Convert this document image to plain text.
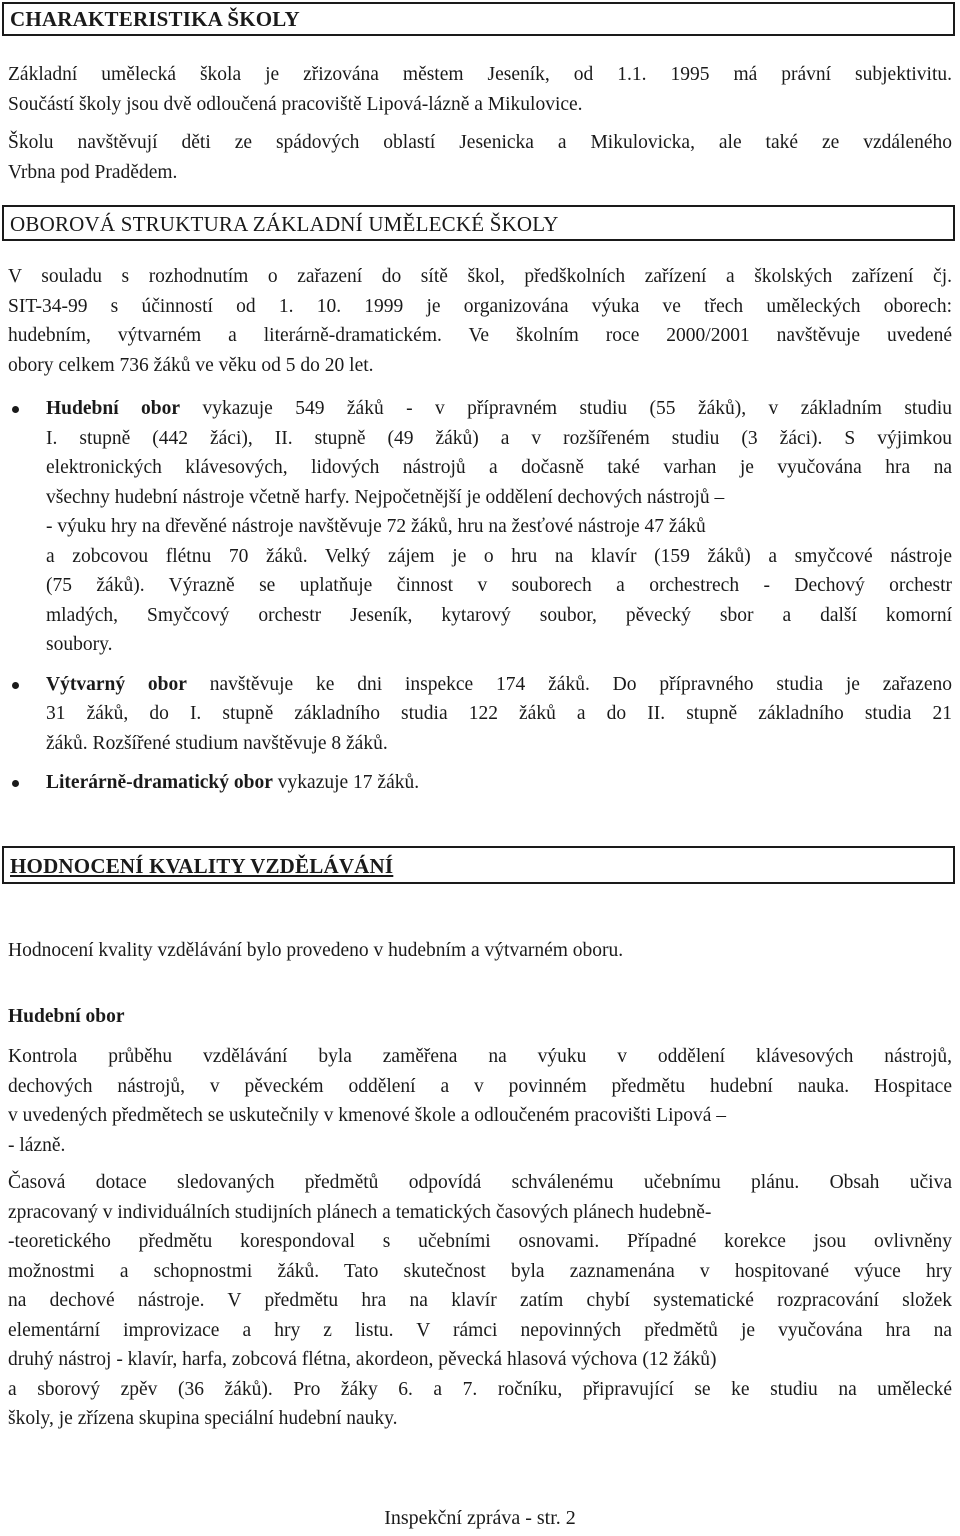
CHARAKTERISTIKA ŠKOLY
Základní umělecká škola je zřizována městem Jeseník, od 1.1. 1995 má právní subjektivitu.
Součástí školy jsou dvě odloučená pracoviště Lipová-lázně a Mikulovice.
Školu navštěvují děti ze spádových oblastí Jesenicka a Mikulovicka, ale také ze vzdáleného
Vrbna pod Pradědem.
OBOROVÁ STRUKTURA ZÁKLADNÍ UMĚLECKÉ ŠKOLY
V souladu s rozhodnutím o zařazení do sítě škol, předškolních zařízení a školských zařízení čj.
SIT-34-99 s účinností od 1. 10. 1999 je organizována výuka ve třech uměleckých oborech:
hudebním, výtvarném a literárně-dramatickém. Ve školním roce 2000/2001 navštěvuje uvedené
obory celkem 736 žáků ve věku od 5 do 20 let.
Hudební obor vykazuje 549 žáků - v přípravném studiu (55 žáků), v základním studiu
I. stupně (442 žáci), II. stupně (49 žáků) a v rozšířeném studiu (3 žáci). S výjimkou
elektronických klávesových, lidových nástrojů a dočasně také varhan je vyučována hra na
všechny hudební nástroje včetně harfy. Nejpočetnější je oddělení dechových nástrojů –
- výuku hry na dřevěné nástroje navštěvuje 72 žáků, hru na žesťové nástroje 47 žáků
a zobcovou flétnu 70 žáků. Velký zájem je o hru na klavír (159 žáků) a smyčcové nástroje
(75 žáků). Výrazně se uplatňuje činnost v souborech a orchestrech - Dechový orchestr
mladých, Smyčcový orchestr Jeseník, kytarový soubor, pěvecký sbor a další komorní
soubory.
Výtvarný obor navštěvuje ke dni inspekce 174 žáků. Do přípravného studia je zařazeno
31 žáků, do I. stupně základního studia 122 žáků a do II. stupně základního studia 21
žáků. Rozšířené studium navštěvuje 8 žáků.
Literárně-dramatický obor vykazuje 17 žáků.
HODNOCENÍ KVALITY VZDĚLÁVÁNÍ
Hodnocení kvality vzdělávání bylo provedeno v hudebním a výtvarném oboru.
Hudební obor
Kontrola průběhu vzdělávání byla zaměřena na výuku v oddělení klávesových nástrojů,
dechových nástrojů, v pěveckém oddělení a v povinném předmětu hudební nauka. Hospitace
v uvedených předmětech se uskutečnily v kmenové škole a odloučeném pracovišti Lipová –
- lázně.
Časová dotace sledovaných předmětů odpovídá schválenému učebnímu plánu. Obsah učiva
zpracovaný v individuálních studijních plánech a tematických časových plánech hudebně-
-teoretického předmětu korespondoval s učebními osnovami. Případné korekce jsou ovlivněny
možnostmi a schopnostmi žáků. Tato skutečnost byla zaznamenána v hospitované výuce hry
na dechové nástroje. V předmětu hra na klavír zatím chybí systematické rozpracování složek
elementární improvizace a hry z listu. V rámci nepovinných předmětů je vyučována hra na
druhý nástroj - klavír, harfa, zobcová flétna, akordeon, pěvecká hlasová výchova (12 žáků)
a sborový zpěv (36 žáků). Pro žáky 6. a 7. ročníku, připravující se ke studiu na umělecké
školy, je zřízena skupina speciální hudební nauky.
Inspekční zpráva - str. 2
